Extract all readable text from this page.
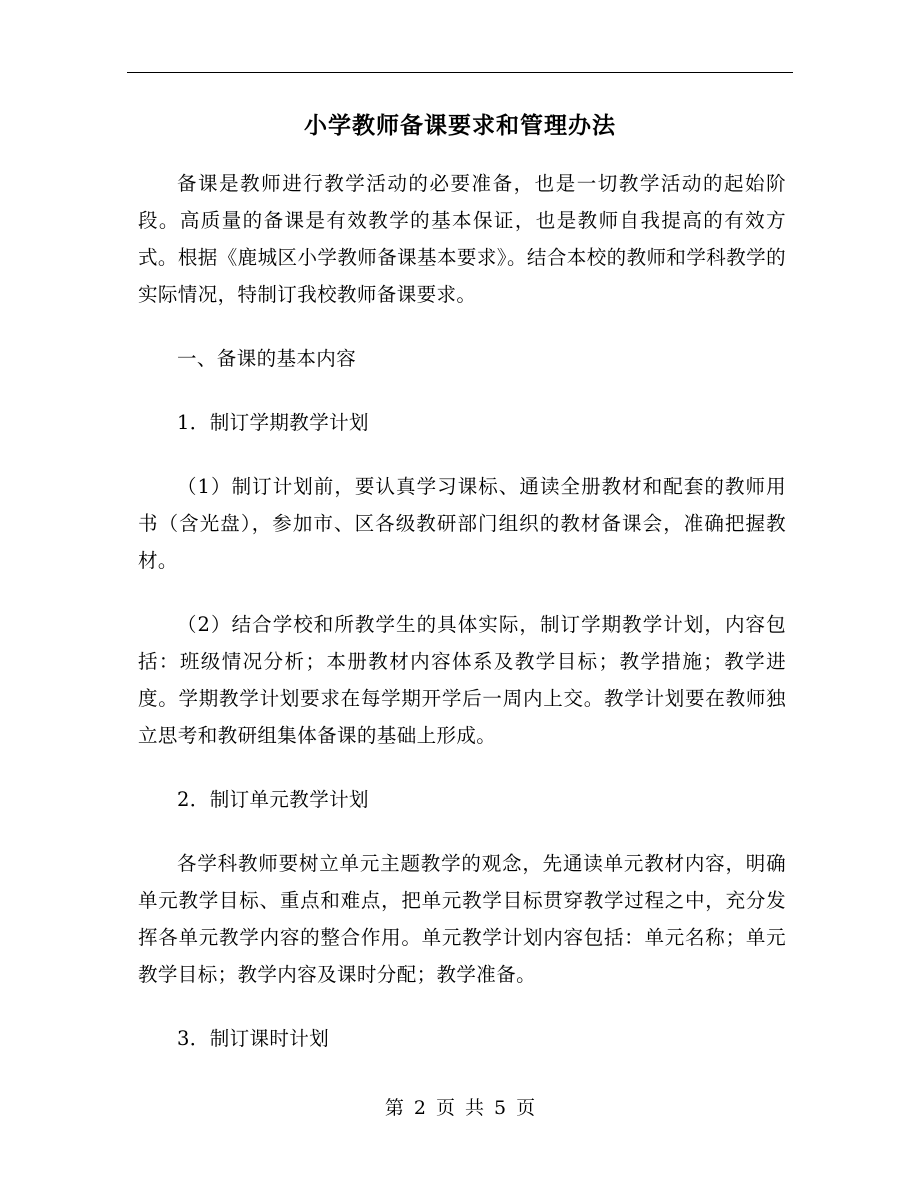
小学教师备课要求和管理办法

备课是教师进行教学活动的必要准备，也是一切教学活动的起始阶段。高质量的备课是有效教学的基本保证，也是教师自我提高的有效方式。根据《鹿城区小学教师备课基本要求》。结合本校的教师和学科教学的实际情况，特制订我校教师备课要求。

一、备课的基本内容

1．制订学期教学计划

（1）制订计划前，要认真学习课标、通读全册教材和配套的教师用书（含光盘），参加市、区各级教研部门组织的教材备课会，准确把握教材。

（2）结合学校和所教学生的具体实际，制订学期教学计划，内容包括：班级情况分析；本册教材内容体系及教学目标；教学措施；教学进度。学期教学计划要求在每学期开学后一周内上交。教学计划要在教师独立思考和教研组集体备课的基础上形成。

2．制订单元教学计划

各学科教师要树立单元主题教学的观念，先通读单元教材内容，明确单元教学目标、重点和难点，把单元教学目标贯穿教学过程之中，充分发挥各单元教学内容的整合作用。单元教学计划内容包括：单元名称；单元教学目标；教学内容及课时分配；教学准备。

3．制订课时计划

第 2 页 共 5 页
